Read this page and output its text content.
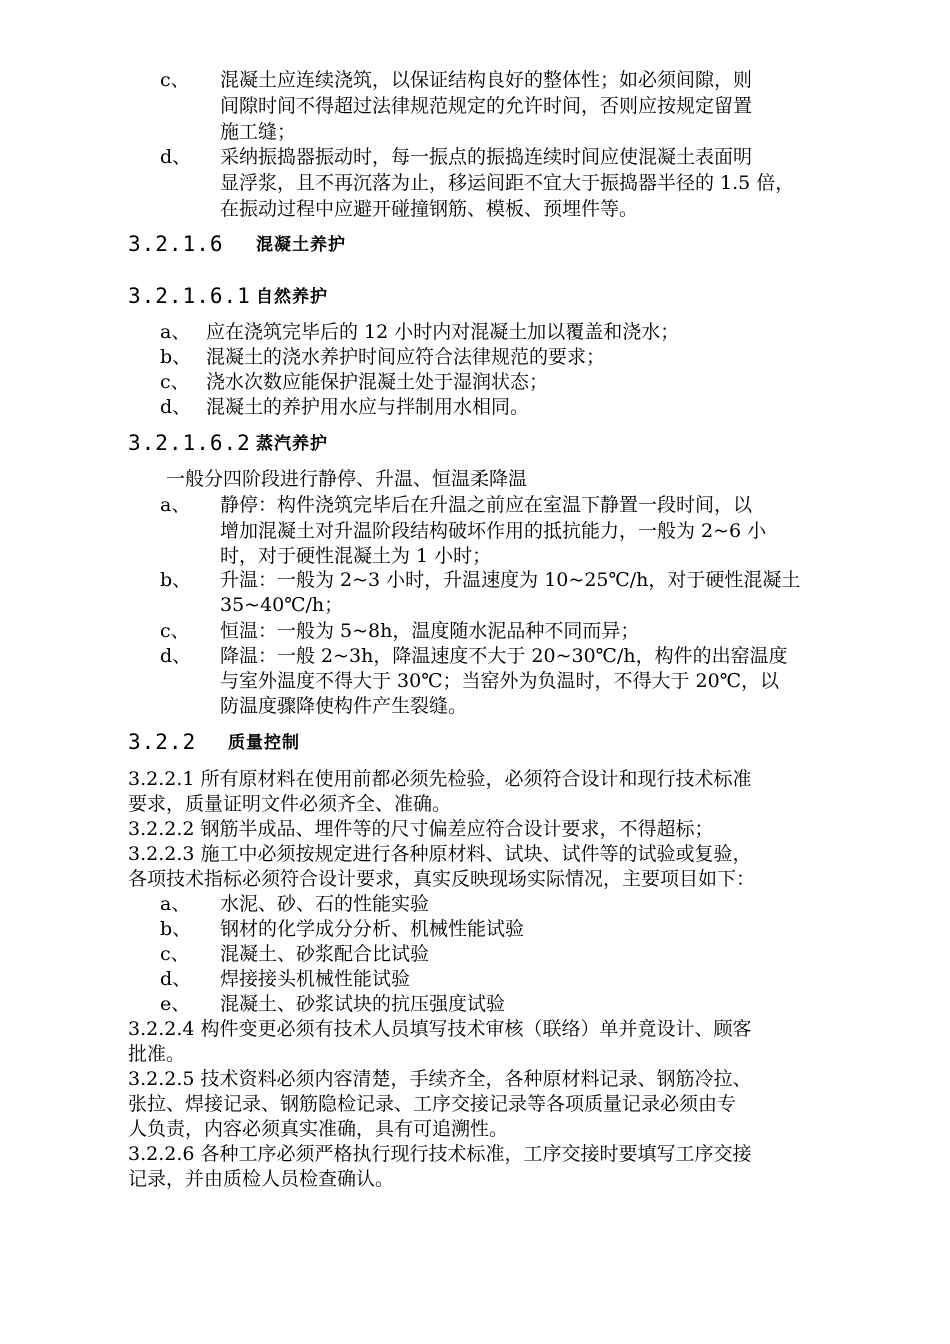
c、 混凝土应连续浇筑，以保证结构良好的整体性；如必须间隙，则
间隙时间不得超过法律规范规定的允许时间，否则应按规定留置
施工缝；
d、 采纳振捣器振动时，每一振点的振捣连续时间应使混凝土表面明
显浮浆，且不再沉落为止，移运间距不宜大于振捣器半径的 1.5 倍，
在振动过程中应避开碰撞钢筋、模板、预埋件等。
3.2.1.6 混凝土养护
3.2.1.6.1 自然养护
a、 应在浇筑完毕后的 12 小时内对混凝土加以覆盖和浇水；
b、 混凝土的浇水养护时间应符合法律规范的要求；
c、 浇水次数应能保护混凝土处于湿润状态；
d、 混凝土的养护用水应与拌制用水相同。
3.2.1.6.2 蒸汽养护
一般分四阶段进行静停、升温、恒温柔降温
a、 静停：构件浇筑完毕后在升温之前应在室温下静置一段时间，以
增加混凝土对升温阶段结构破坏作用的抵抗能力，一般为 2~6 小
时，对于硬性混凝土为 1 小时；
b、 升温：一般为 2~3 小时，升温速度为 10~25℃/h，对于硬性混凝土
35~40℃/h；
c、 恒温：一般为 5~8h，温度随水泥品种不同而异；
d、 降温：一般 2~3h，降温速度不大于 20~30℃/h，构件的出窑温度
与室外温度不得大于 30℃；当窑外为负温时，不得大于 20℃，以
防温度骤降使构件产生裂缝。
3.2.2 质量控制
3.2.2.1 所有原材料在使用前都必须先检验，必须符合设计和现行技术标准
要求，质量证明文件必须齐全、准确。
3.2.2.2 钢筋半成品、埋件等的尺寸偏差应符合设计要求，不得超标；
3.2.2.3 施工中必须按规定进行各种原材料、试块、试件等的试验或复验，
各项技术指标必须符合设计要求，真实反映现场实际情况，主要项目如下：
a、 水泥、砂、石的性能实验
b、 钢材的化学成分分析、机械性能试验
c、 混凝土、砂浆配合比试验
d、 焊接接头机械性能试验
e、 混凝土、砂浆试块的抗压强度试验
3.2.2.4 构件变更必须有技术人员填写技术审核（联络）单并竟设计、顾客
批准。
3.2.2.5 技术资料必须内容清楚，手续齐全，各种原材料记录、钢筋冷拉、
张拉、焊接记录、钢筋隐检记录、工序交接记录等各项质量记录必须由专
人负责，内容必须真实准确，具有可追溯性。
3.2.2.6 各种工序必须严格执行现行技术标准，工序交接时要填写工序交接
记录，并由质检人员检查确认。
